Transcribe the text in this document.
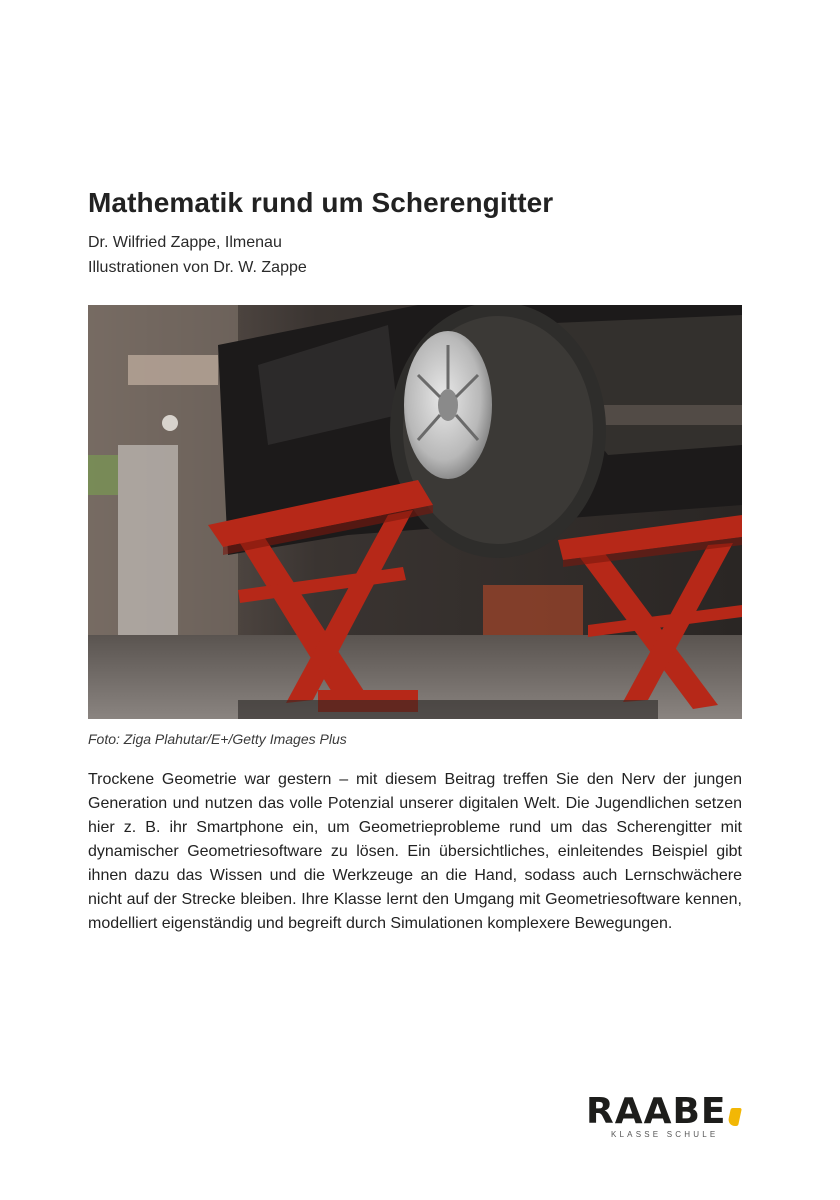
Mathematik rund um Scherengitter
Dr. Wilfried Zappe, Ilmenau
Illustrationen von Dr. W. Zappe
Foto: Ziga Plahutar/E+/Getty Images Plus

Trockene Geometrie war gestern – mit diesem Beitrag treffen Sie den Nerv der jungen Generation und nutzen das volle Potenzial unserer digitalen Welt. Die Jugendlichen setzen hier z. B. ihr Smartphone ein, um Geometrieprobleme rund um das Scherengitter mit dynamischer Geometriesoftware zu lösen. Ein übersichtliches, einleitendes Beispiel gibt ihnen dazu das Wissen und die Werkzeuge an die Hand, sodass auch Lernschwächere nicht auf der Strecke bleiben. Ihre Klasse lernt den Umgang mit Geometriesoftware kennen, modelliert eigenständig und begreift durch Simulationen komplexere Bewegungen.

RAABE
KLASSE SCHULE
